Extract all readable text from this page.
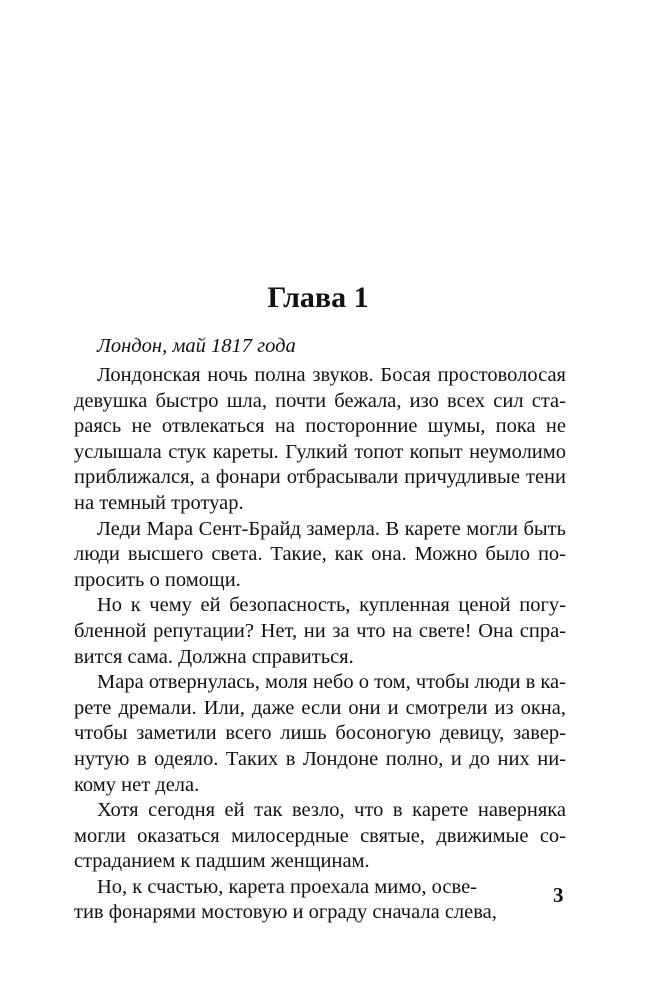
Глава 1
Лондон, май 1817 года
Лондонская ночь полна звуков. Босая простоволосая
девушка быстро шла, почти бежала, изо всех сил ста-
раясь не отвлекаться на посторонние шумы, пока не
услышала стук кареты. Гулкий топот копыт неумолимо
приближался, а фонари отбрасывали причудливые тени
на темный тротуар.
Леди Мара Сент-Брайд замерла. В карете могли быть
люди высшего света. Такие, как она. Можно было по-
просить о помощи.
Но к чему ей безопасность, купленная ценой погу-
бленной репутации? Нет, ни за что на свете! Она спра-
вится сама. Должна справиться.
Мара отвернулась, моля небо о том, чтобы люди в ка-
рете дремали. Или, даже если они и смотрели из окна,
чтобы заметили всего лишь босоногую девицу, завер-
нутую в одеяло. Таких в Лондоне полно, и до них ни-
кому нет дела.
Хотя сегодня ей так везло, что в карете наверняка
могли оказаться милосердные святые, движимые со-
страданием к падшим женщинам.
Но, к счастью, карета проехала мимо, осве-
тив фонарями мостовую и ограду сначала слева,
3
